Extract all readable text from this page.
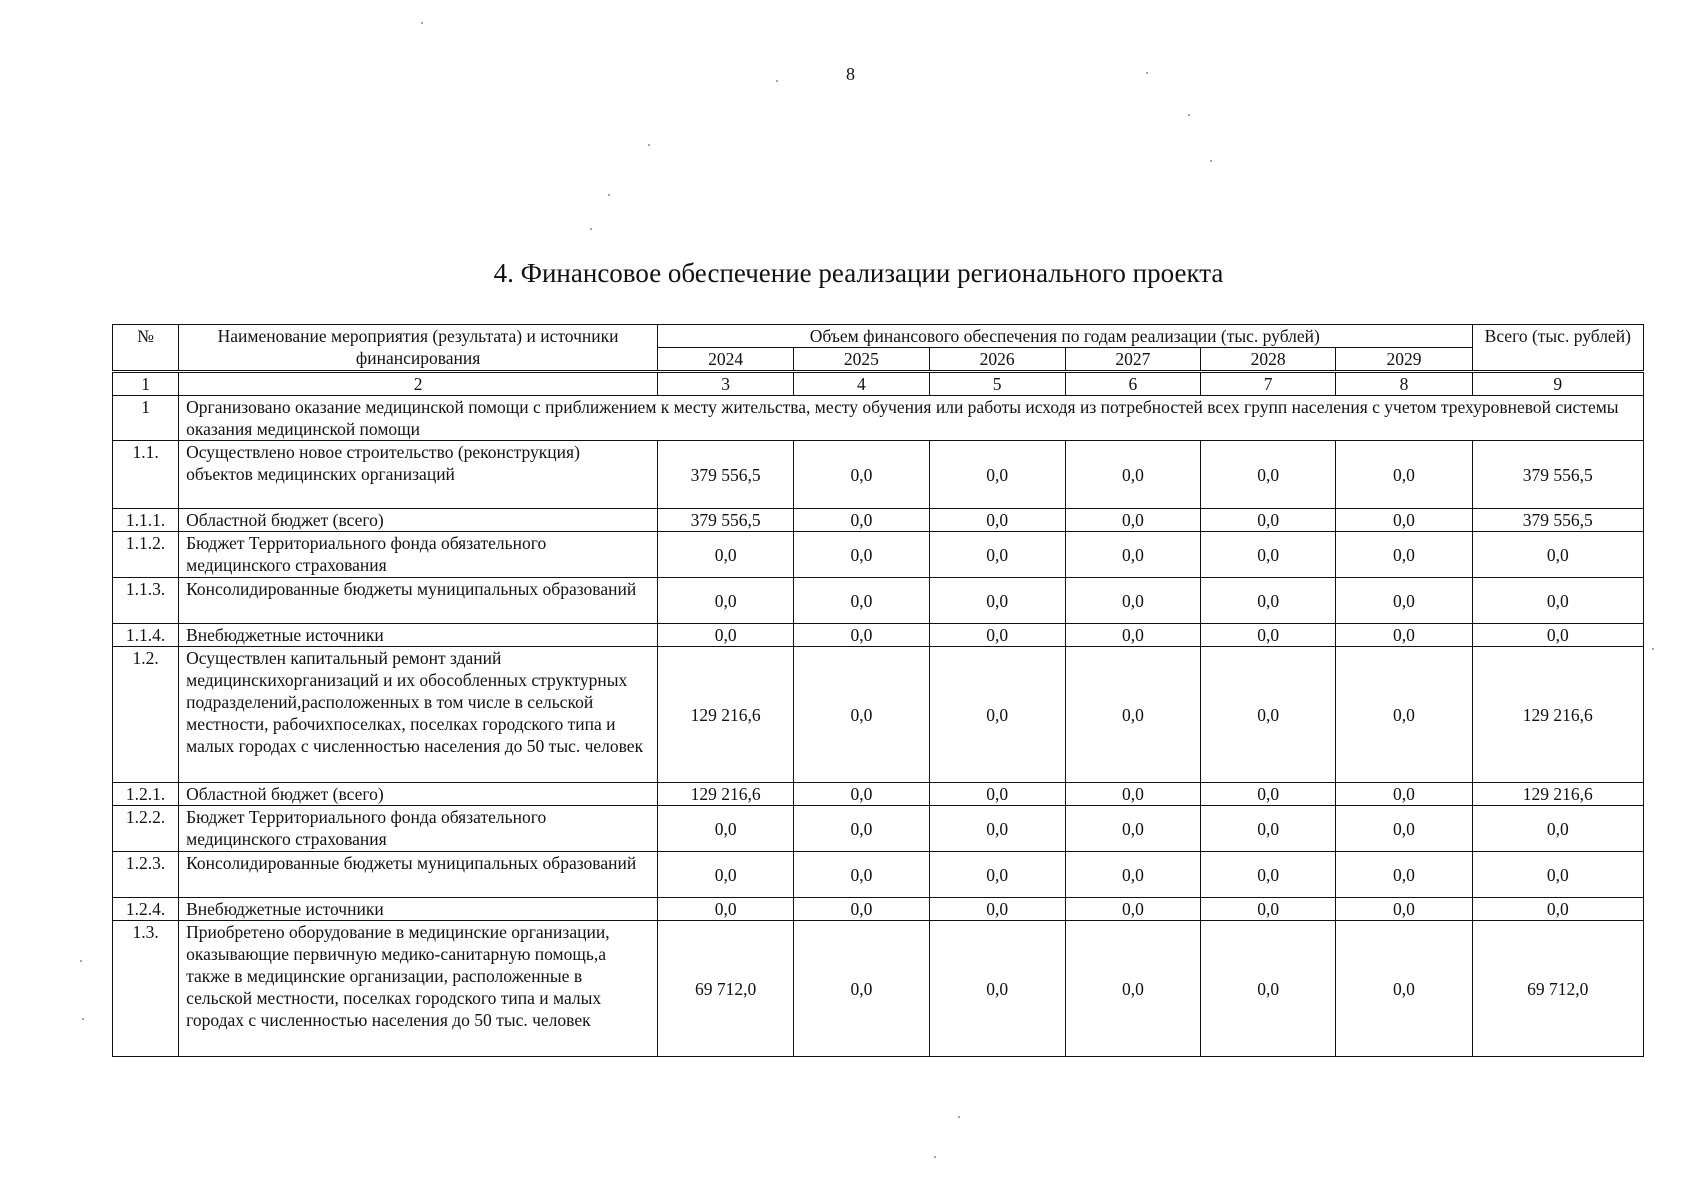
8
4. Финансовое обеспечение реализации регионального проекта
№	Наименование мероприятия (результата) и источники финансирования	Объем финансового обеспечения по годам реализации (тыс. рублей)						Всего (тыс. рублей)
		2024	2025	2026	2027	2028	2029	
1	2	3	4	5	6	7	8	9
1	Организовано оказание медицинской помощи с приближением к месту жительства, месту обучения или работы исходя из потребностей всех групп населения с учетом трехуровневой системы оказания медицинской помощи							
1.1.	Осуществлено новое строительство (реконструкция) объектов медицинских организаций	379 556,5	0,0	0,0	0,0	0,0	0,0	379 556,5
1.1.1.	Областной бюджет (всего)	379 556,5	0,0	0,0	0,0	0,0	0,0	379 556,5
1.1.2.	Бюджет Территориального фонда обязательного медицинского страхования	0,0	0,0	0,0	0,0	0,0	0,0	0,0
1.1.3.	Консолидированные бюджеты муниципальных образований	0,0	0,0	0,0	0,0	0,0	0,0	0,0
1.1.4.	Внебюджетные источники	0,0	0,0	0,0	0,0	0,0	0,0	0,0
1.2.	Осуществлен капитальный ремонт зданий медицинскихорганизаций и их обособленных структурных подразделений,расположенных в том числе в сельской местности, рабочихпоселках, поселках городского типа и малых городах с численностью населения до 50 тыс. человек	129 216,6	0,0	0,0	0,0	0,0	0,0	129 216,6
1.2.1.	Областной бюджет (всего)	129 216,6	0,0	0,0	0,0	0,0	0,0	129 216,6
1.2.2.	Бюджет Территориального фонда обязательного медицинского страхования	0,0	0,0	0,0	0,0	0,0	0,0	0,0
1.2.3.	Консолидированные бюджеты муниципальных образований	0,0	0,0	0,0	0,0	0,0	0,0	0,0
1.2.4.	Внебюджетные источники	0,0	0,0	0,0	0,0	0,0	0,0	0,0
1.3.	Приобретено оборудование в медицинские организации, оказывающие первичную медико-санитарную помощь,а также в медицинские организации, расположенные в сельской местности, поселках городского типа и малых городах с численностью населения до 50 тыс. человек	69 712,0	0,0	0,0	0,0	0,0	0,0	69 712,0
